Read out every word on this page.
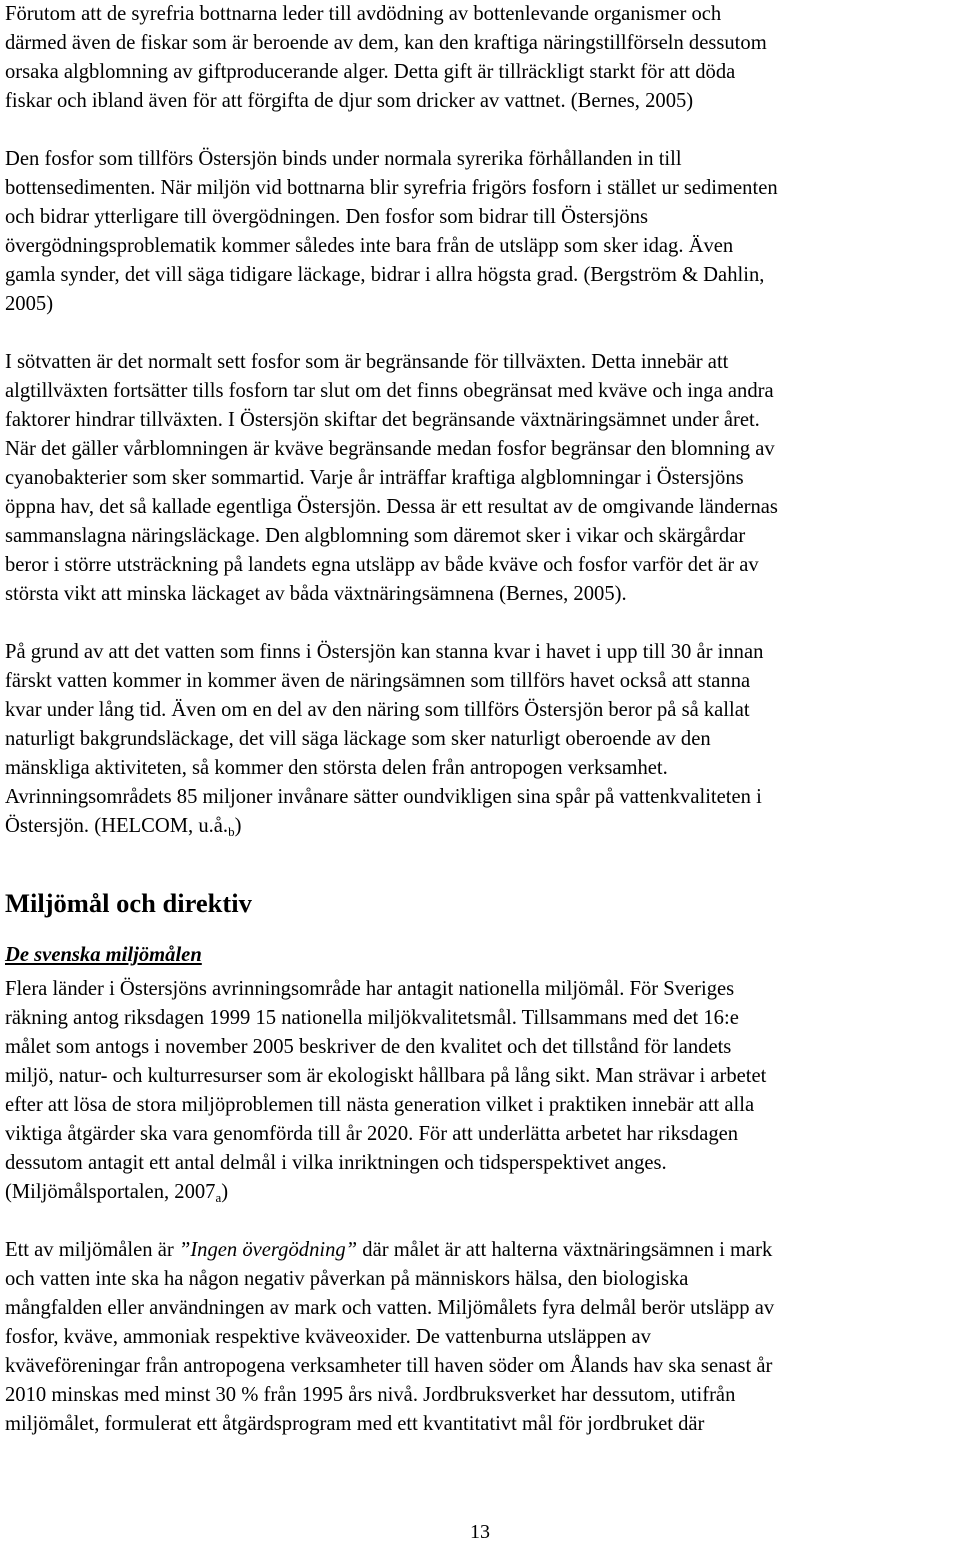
Förutom att de syrefria bottnarna leder till avdödning av bottenlevande organismer och
därmed även de fiskar som är beroende av dem, kan den kraftiga näringstillförseln dessutom
orsaka algblomning av giftproducerande alger. Detta gift är tillräckligt starkt för att döda
fiskar och ibland även för att förgifta de djur som dricker av vattnet. (Bernes, 2005)

Den fosfor som tillförs Östersjön binds under normala syrerika förhållanden in till
bottensedimenten. När miljön vid bottnarna blir syrefria frigörs fosforn i stället ur sedimenten
och bidrar ytterligare till övergödningen. Den fosfor som bidrar till Östersjöns
övergödningsproblematik kommer således inte bara från de utsläpp som sker idag. Även
gamla synder, det vill säga tidigare läckage, bidrar i allra högsta grad. (Bergström & Dahlin,
2005)

I sötvatten är det normalt sett fosfor som är begränsande för tillväxten. Detta innebär att
algtillväxten fortsätter tills fosforn tar slut om det finns obegränsat med kväve och inga andra
faktorer hindrar tillväxten. I Östersjön skiftar det begränsande växtnäringsämnet under året.
När det gäller vårblomningen är kväve begränsande medan fosfor begränsar den blomning av
cyanobakterier som sker sommartid. Varje år inträffar kraftiga algblomningar i Östersjöns
öppna hav, det så kallade egentliga Östersjön. Dessa är ett resultat av de omgivande ländernas
sammanslagna näringsläckage. Den algblomning som däremot sker i vikar och skärgårdar
beror i större utsträckning på landets egna utsläpp av både kväve och fosfor varför det är av
största vikt att minska läckaget av båda växtnäringsämnena (Bernes, 2005).

På grund av att det vatten som finns i Östersjön kan stanna kvar i havet i upp till 30 år innan
färskt vatten kommer in kommer även de näringsämnen som tillförs havet också att stanna
kvar under lång tid. Även om en del av den näring som tillförs Östersjön beror på så kallat
naturligt bakgrundsläckage, det vill säga läckage som sker naturligt oberoende av den
mänskliga aktiviteten, så kommer den största delen från antropogen verksamhet.
Avrinningsområdets 85 miljoner invånare sätter oundvikligen sina spår på vattenkvaliteten i
Östersjön. (HELCOM, $u.å._b$)

Miljömål och direktiv
De svenska miljömålen

Flera länder i Östersjöns avrinningsområde har antagit nationella miljömål. För Sveriges
räkning antog riksdagen 1999 15 nationella miljökvalitetsmål. Tillsammans med det 16:e
målet som antogs i november 2005 beskriver de den kvalitet och det tillstånd för landets
miljö, natur- och kulturresurser som är ekologiskt hållbara på lång sikt. Man strävar i arbetet
efter att lösa de stora miljöproblemen till nästa generation vilket i praktiken innebär att alla
viktiga åtgärder ska vara genomförda till år 2020. För att underlätta arbetet har riksdagen
dessutom antagit ett antal delmål i vilka inriktningen och tidsperspektivet anges.
(Miljömålsportalen, $2007_a$)

Ett av miljömålen är ”Ingen övergödning” där målet är att halterna växtnäringsämnen i mark
och vatten inte ska ha någon negativ påverkan på människors hälsa, den biologiska
mångfalden eller användningen av mark och vatten. Miljömålets fyra delmål berör utsläpp av
fosfor, kväve, ammoniak respektive kväveoxider. De vattenburna utsläppen av
kväveföreningar från antropogena verksamheter till haven söder om Ålands hav ska senast år
2010 minskas med minst 30 % från 1995 års nivå. Jordbruksverket har dessutom, utifrån
miljömålet, formulerat ett åtgärdsprogram med ett kvantitativt mål för jordbruket där

13
